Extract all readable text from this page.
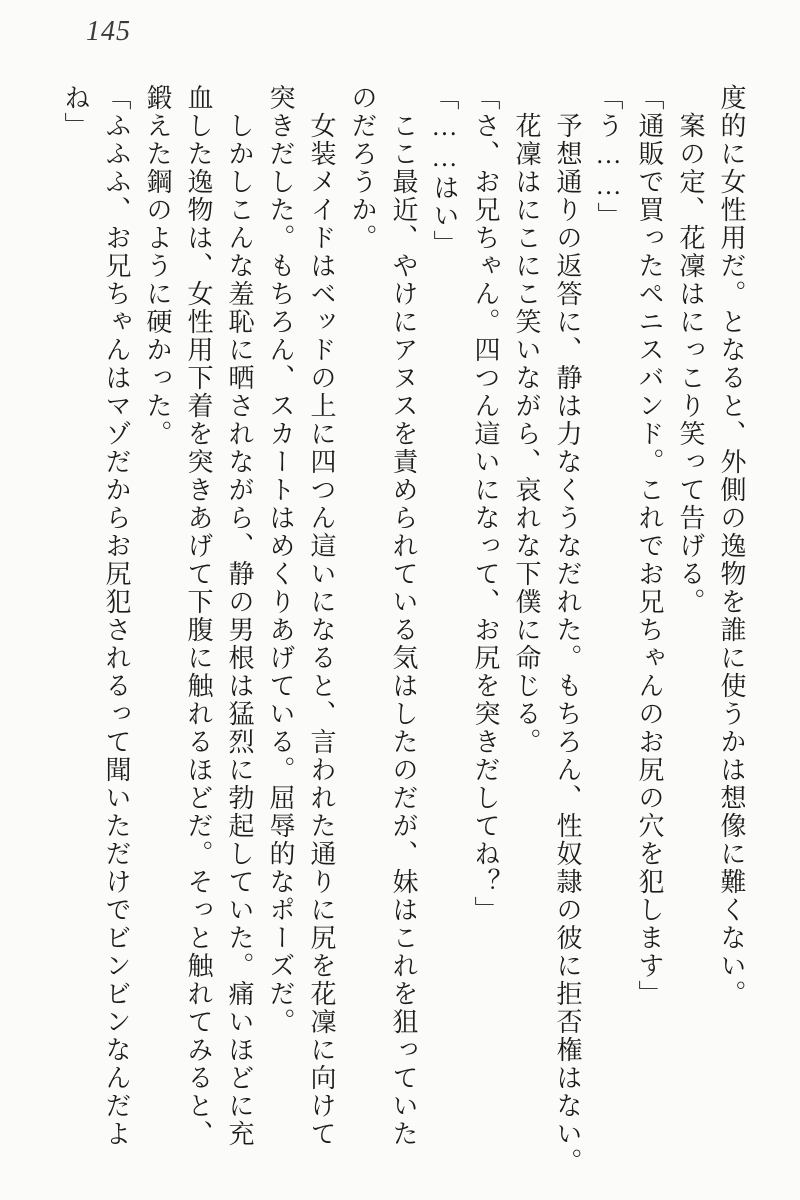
145

度的に女性用だ。となると、外側の逸物を誰に使うかは想像に難くない。

案の定、花凜はにっこり笑って告げる。

「通販で買ったペニスバンド。これでお兄ちゃんのお尻の穴を犯します」

「う……」

予想通りの返答に、静は力なくうなだれた。もちろん、性奴隷の彼に拒否権はない。

花凜はにこにこ笑いながら、哀れな下僕に命じる。

「さ、お兄ちゃん。四つん這いになって、お尻を突きだしてね？」

「……はい」

ここ最近、やけにアヌスを責められている気はしたのだが、妹はこれを狙っていた

のだろうか。

女装メイドはベッドの上に四つん這いになると、言われた通りに尻を花凜に向けて

突きだした。もちろん、スカートはめくりあげている。屈辱的なポーズだ。

しかしこんな羞恥に晒されながら、静の男根は猛烈に勃起していた。痛いほどに充

血した逸物は、女性用下着を突きあげて下腹に触れるほどだ。そっと触れてみると、

鍛えた鋼のように硬かった。

「ふふふ、お兄ちゃんはマゾだからお尻犯されるって聞いただけでビンビンなんだよ

ね」
